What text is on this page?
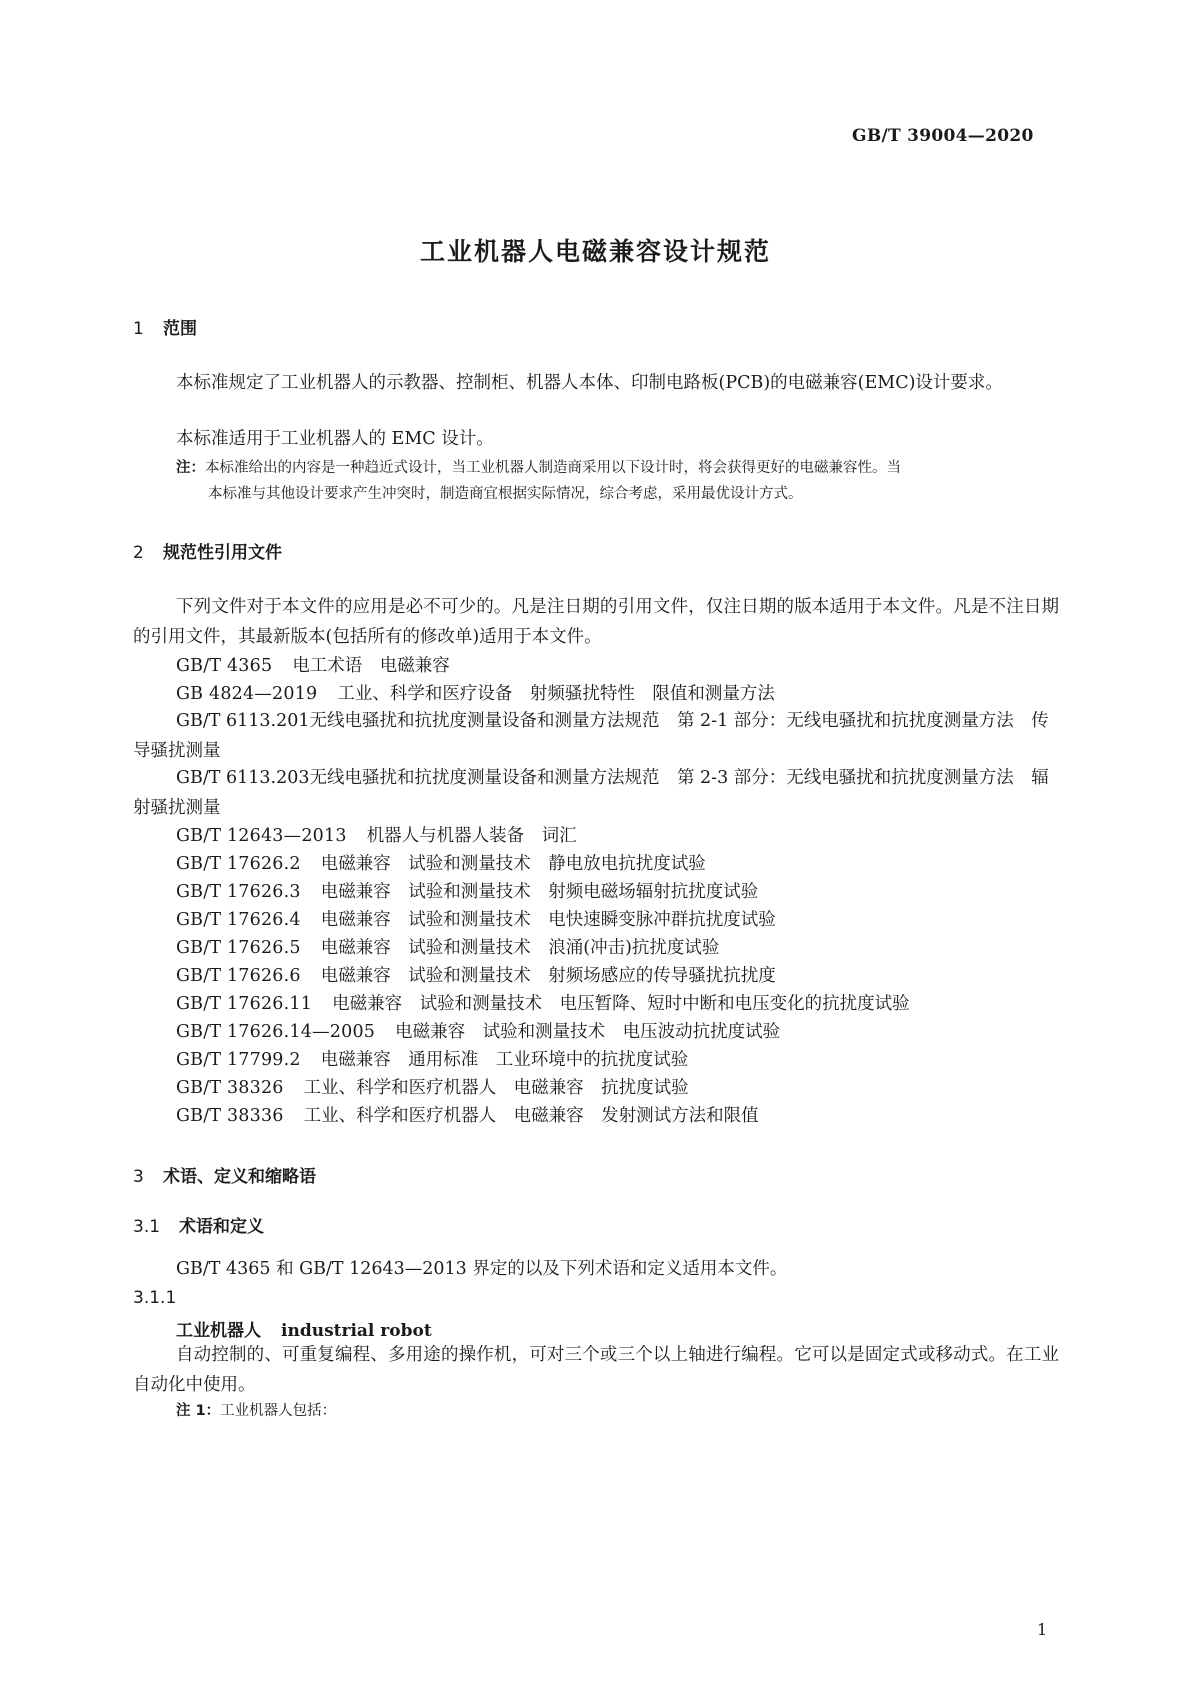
GB/T 39004—2020
工业机器人电磁兼容设计规范
1 范围
本标准规定了工业机器人的示教器、控制柜、机器人本体、印制电路板(PCB)的电磁兼容(EMC)设计要求。
本标准适用于工业机器人的 EMC 设计。
注：本标准给出的内容是一种趋近式设计，当工业机器人制造商采用以下设计时，将会获得更好的电磁兼容性。当
本标准与其他设计要求产生冲突时，制造商宜根据实际情况，综合考虑，采用最优设计方式。
2 规范性引用文件
下列文件对于本文件的应用是必不可少的。凡是注日期的引用文件，仅注日期的版本适用于本文件。凡是不注日期的引用文件，其最新版本(包括所有的修改单)适用于本文件。
GB/T 4365 电工术语　电磁兼容
GB 4824—2019 工业、科学和医疗设备　射频骚扰特性　限值和测量方法
GB/T 6113.201无线电骚扰和抗扰度测量设备和测量方法规范　第 2-1 部分：无线电骚扰和抗扰度测量方法　传导骚扰测量
GB/T 6113.203无线电骚扰和抗扰度测量设备和测量方法规范　第 2-3 部分：无线电骚扰和抗扰度测量方法　辐射骚扰测量
GB/T 12643—2013 机器人与机器人装备　词汇
GB/T 17626.2 电磁兼容　试验和测量技术　静电放电抗扰度试验
GB/T 17626.3 电磁兼容　试验和测量技术　射频电磁场辐射抗扰度试验
GB/T 17626.4 电磁兼容　试验和测量技术　电快速瞬变脉冲群抗扰度试验
GB/T 17626.5 电磁兼容　试验和测量技术　浪涌(冲击)抗扰度试验
GB/T 17626.6 电磁兼容　试验和测量技术　射频场感应的传导骚扰抗扰度
GB/T 17626.11 电磁兼容　试验和测量技术　电压暂降、短时中断和电压变化的抗扰度试验
GB/T 17626.14—2005 电磁兼容　试验和测量技术　电压波动抗扰度试验
GB/T 17799.2 电磁兼容　通用标准　工业环境中的抗扰度试验
GB/T 38326 工业、科学和医疗机器人　电磁兼容　抗扰度试验
GB/T 38336 工业、科学和医疗机器人　电磁兼容　发射测试方法和限值
3 术语、定义和缩略语
3.1 术语和定义
GB/T 4365 和 GB/T 12643—2013 界定的以及下列术语和定义适用本文件。
3.1.1
工业机器人 industrial robot
自动控制的、可重复编程、多用途的操作机，可对三个或三个以上轴进行编程。它可以是固定式或移动式。在工业自动化中使用。
注 1：工业机器人包括：
1
